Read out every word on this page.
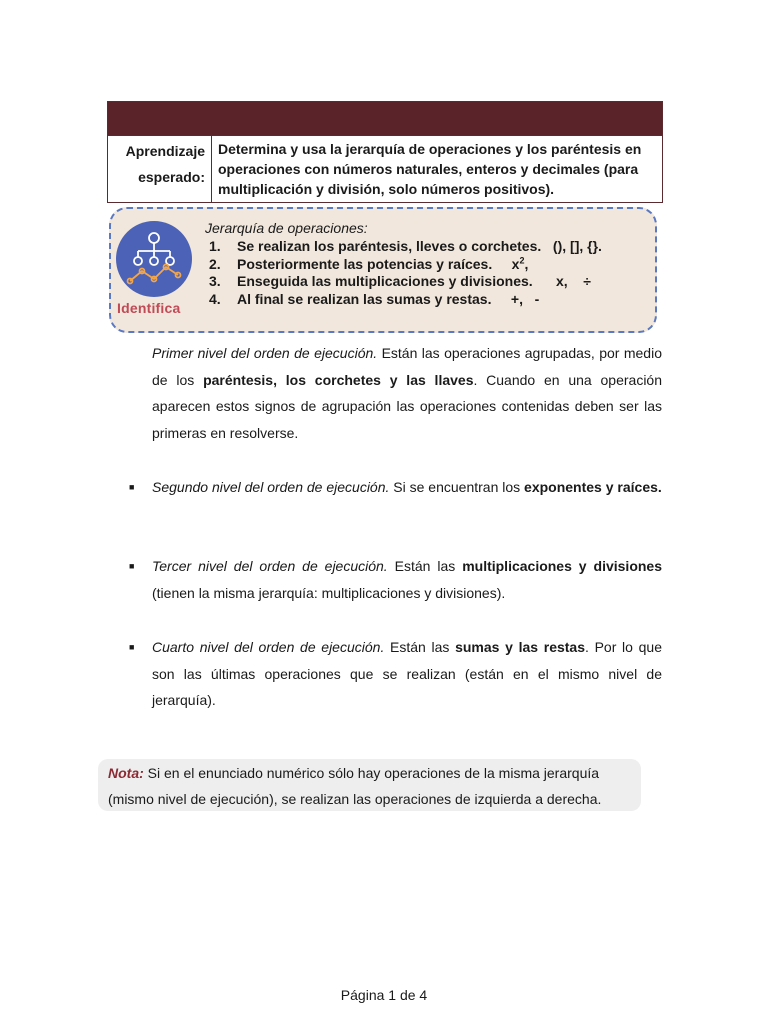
Aprendizaje
esperado:
Determina y usa la jerarquía de operaciones y los paréntesis en operaciones con números naturales, enteros y decimales (para multiplicación y división, solo números positivos).
Identifica
Jerarquía de operaciones:
1. Se realizan los paréntesis, lleves o corchetes.   (), [], {}.
2. Posteriormente las potencias y raíces.     $x^2$,
3. Enseguida las multiplicaciones y divisiones.      x,    ÷
4. Al final se realizan las sumas y restas.     +,   -
Primer nivel del orden de ejecución. Están las operaciones agrupadas, por medio de los paréntesis, los corchetes y las llaves. Cuando en una operación aparecen estos signos de agrupación las operaciones contenidas deben ser las primeras en resolverse.
■ Segundo nivel del orden de ejecución. Si se encuentran los exponentes y raíces.
■ Tercer nivel del orden de ejecución. Están las multiplicaciones y divisiones (tienen la misma jerarquía: multiplicaciones y divisiones).
■ Cuarto nivel del orden de ejecución. Están las sumas y las restas. Por lo que son las últimas operaciones que se realizan (están en el mismo nivel de jerarquía).
Nota: Si en el enunciado numérico sólo hay operaciones de la misma jerarquía (mismo nivel de ejecución), se realizan las operaciones de izquierda a derecha.
Página 1 de 4
